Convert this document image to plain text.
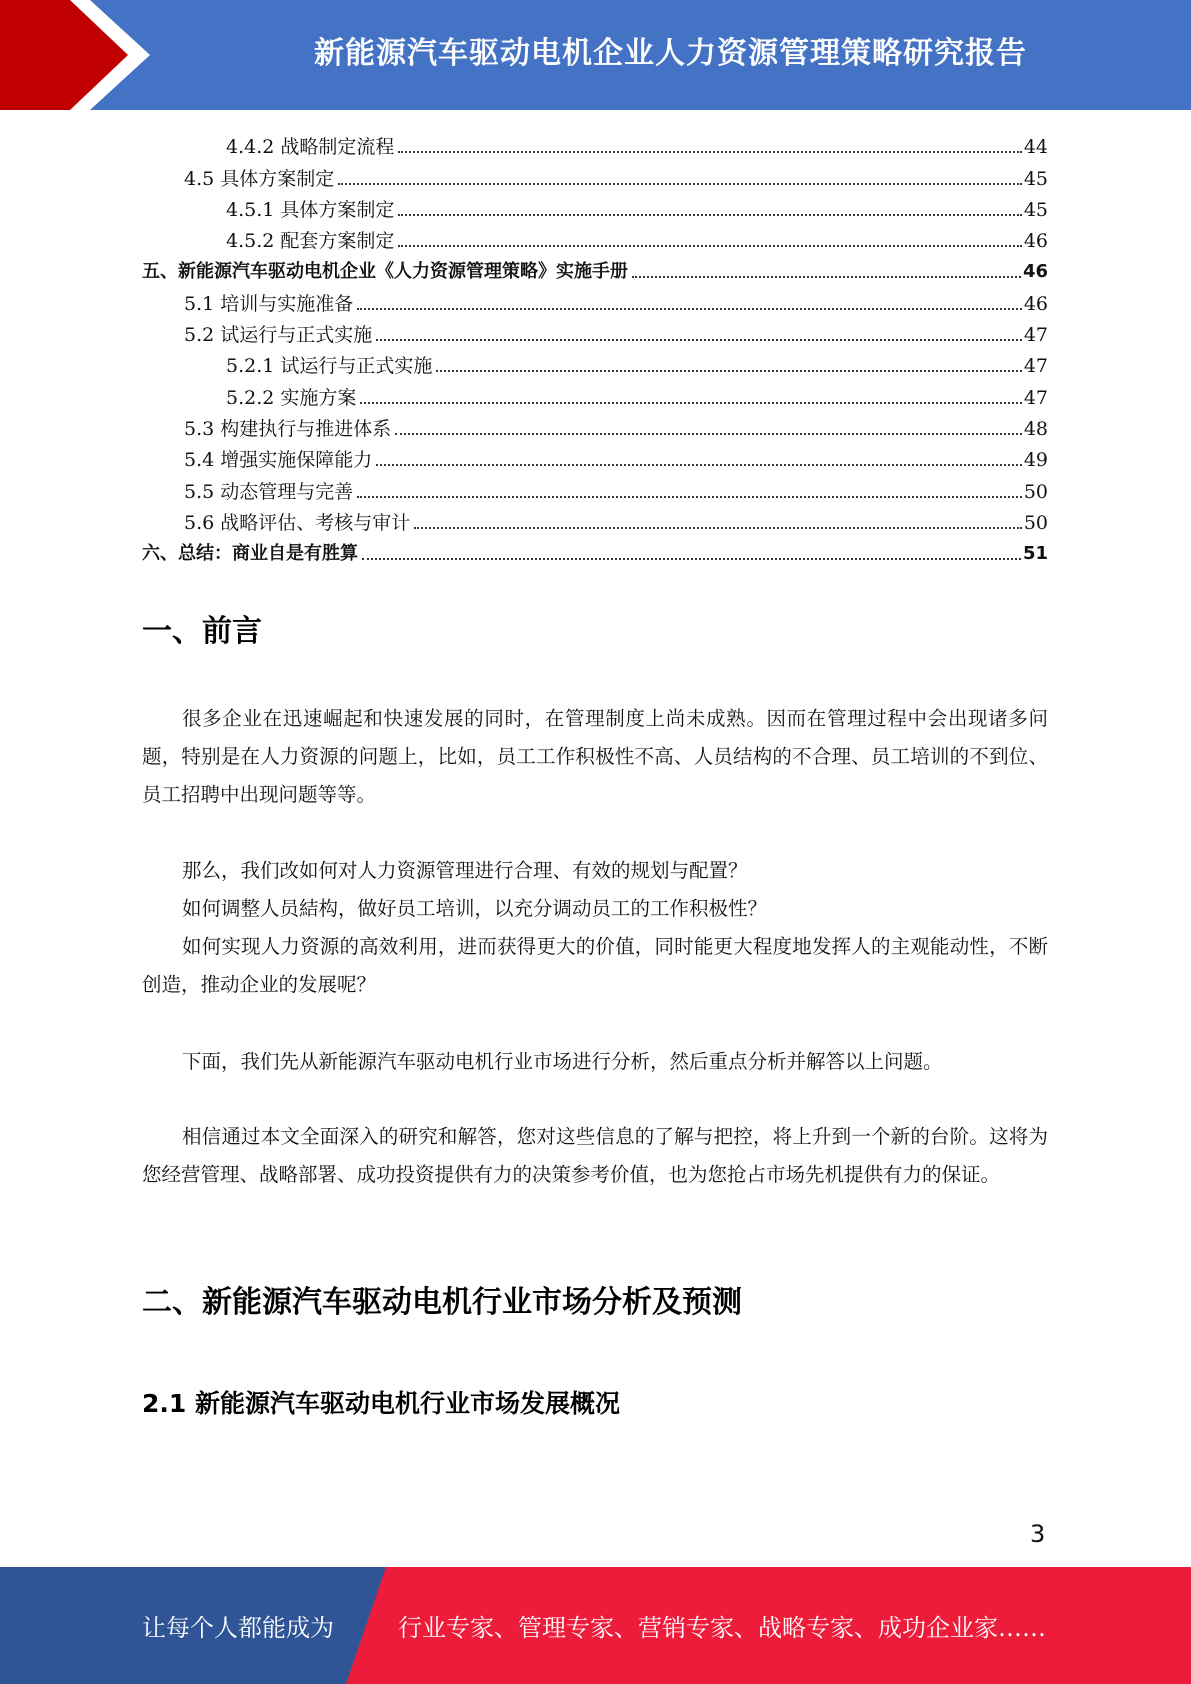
新能源汽车驱动电机企业人力资源管理策略研究报告
4.4.2 战略制定流程	44
4.5 具体方案制定	45
4.5.1 具体方案制定	45
4.5.2 配套方案制定	46
五、新能源汽车驱动电机企业《人力资源管理策略》实施手册	46
5.1 培训与实施准备	46
5.2 试运行与正式实施	47
5.2.1 试运行与正式实施	47
5.2.2 实施方案	47
5.3 构建执行与推进体系	48
5.4 增强实施保障能力	49
5.5 动态管理与完善	50
5.6 战略评估、考核与审计	50
六、总结：商业自是有胜算	51
一、前言

很多企业在迅速崛起和快速发展的同时，在管理制度上尚未成熟。因而在管理过程中会出现诸多问题，特别是在人力资源的问题上，比如，员工工作积极性不高、人员结构的不合理、员工培训的不到位、员工招聘中出现问题等等。

那么，我们改如何对人力资源管理进行合理、有效的规划与配置？

如何调整人员結构，做好员工培训，以充分调动员工的工作积极性？

如何实现人力资源的高效利用，进而获得更大的价值，同时能更大程度地发挥人的主观能动性，不断创造，推动企业的发展呢？

下面，我们先从新能源汽车驱动电机行业市场进行分析，然后重点分析并解答以上问题。

相信通过本文全面深入的研究和解答，您对这些信息的了解与把控，将上升到一个新的台阶。这将为您经营管理、战略部署、成功投资提供有力的决策参考价值，也为您抢占市场先机提供有力的保证。

二、新能源汽车驱动电机行业市场分析及预测
2.1 新能源汽车驱动电机行业市场发展概况
3
让每个人都能成为	行业专家、管理专家、营销专家、战略专家、成功企业家……
